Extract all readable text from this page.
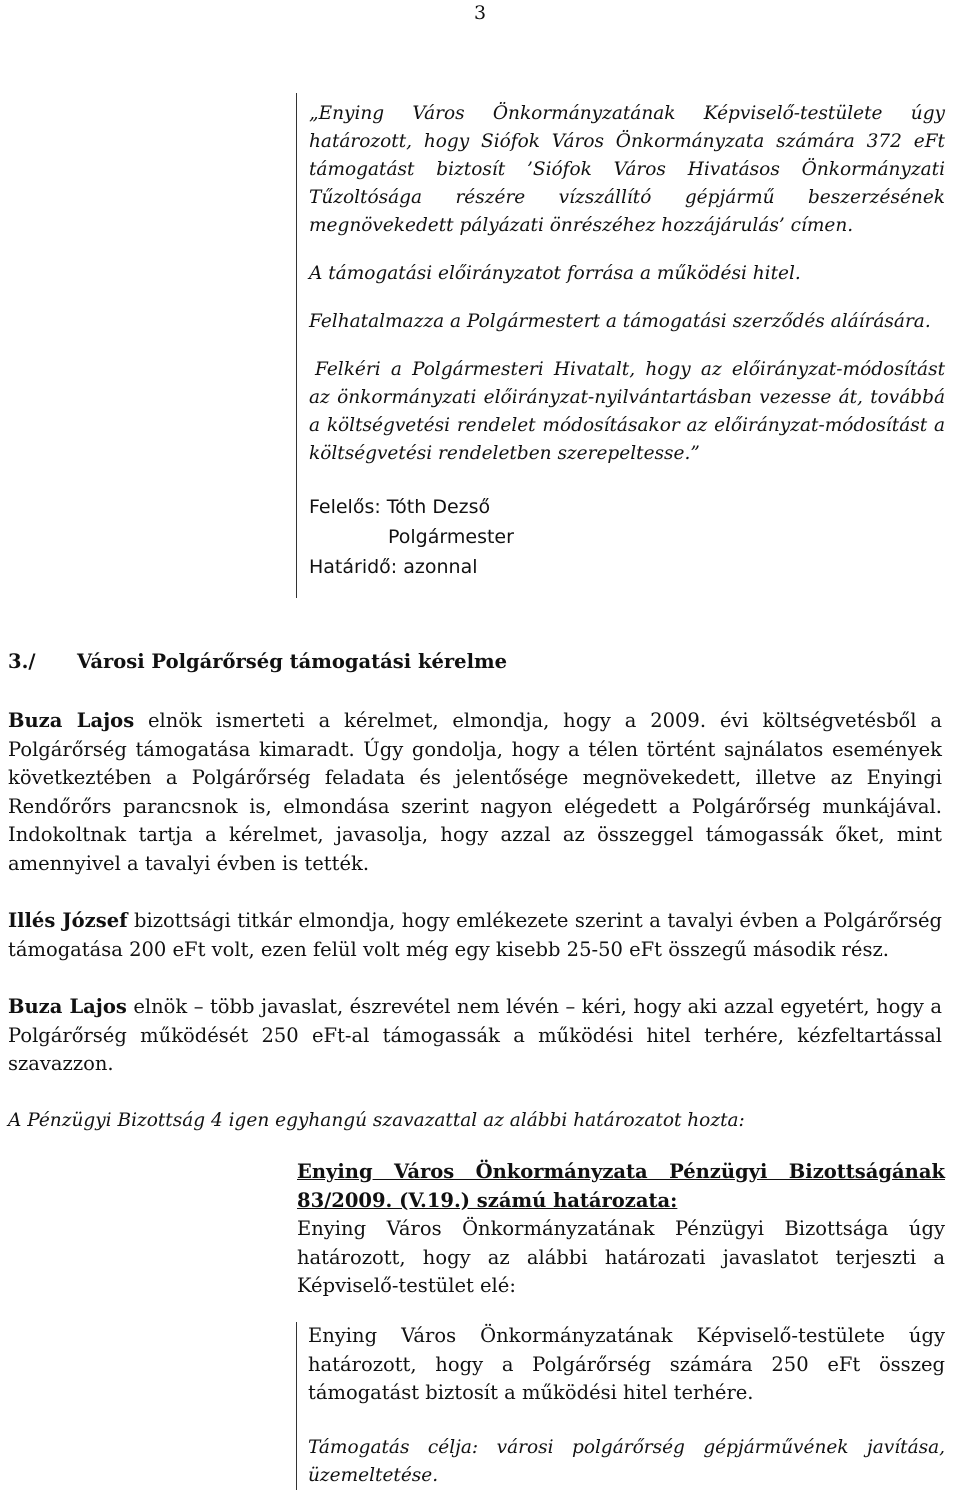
3

„Enying Város Önkormányzatának Képviselő-testülete úgy határozott, hogy Siófok Város Önkormányzata számára 372 eFt támogatást biztosít ’Siófok Város Hivatásos Önkormányzati Tűzoltósága részére vízszállító gépjármű beszerzésének megnövekedett pályázati önrészéhez hozzájárulás’ címen.

A támogatási előirányzatot forrása a működési hitel.

Felhatalmazza a Polgármestert a támogatási szerződés aláírására.

Felkéri a Polgármesteri Hivatalt, hogy az előirányzat-módosítást az önkormányzati előirányzat-nyilvántartásban vezesse át, továbbá a költségvetési rendelet módosításakor az előirányzat-módosítást a költségvetési rendeletben szerepeltesse.”

Felelős: Tóth Dezső
Polgármester
Határidő: azonnal
3./ Városi Polgárőrség támogatási kérelme

Buza Lajos elnök ismerteti a kérelmet, elmondja, hogy a 2009. évi költségvetésből a Polgárőrség támogatása kimaradt. Úgy gondolja, hogy a télen történt sajnálatos események következtében a Polgárőrség feladata és jelentősége megnövekedett, illetve az Enyingi Rendőrőrs parancsnok is, elmondása szerint nagyon elégedett a Polgárőrség munkájával. Indokoltnak tartja a kérelmet, javasolja, hogy azzal az összeggel támogassák őket, mint amennyivel a tavalyi évben is tették.

Illés József bizottsági titkár elmondja, hogy emlékezete szerint a tavalyi évben a Polgárőrség támogatása 200 eFt volt, ezen felül volt még egy kisebb 25-50 eFt összegű második rész.

Buza Lajos elnök – több javaslat, észrevétel nem lévén – kéri, hogy aki azzal egyetért, hogy a Polgárőrség működését 250 eFt-al támogassák a működési hitel terhére, kézfeltartással szavazzon.

A Pénzügyi Bizottság 4 igen egyhangú szavazattal az alábbi határozatot hozta:

Enying Város Önkormányzata Pénzügyi Bizottságának

83/2009. (V.19.) számú határozata:

Enying Város Önkormányzatának Pénzügyi Bizottsága úgy határozott, hogy az alábbi határozati javaslatot terjeszti a Képviselő-testület elé:

Enying Város Önkormányzatának Képviselő-testülete úgy határozott, hogy a Polgárőrség számára 250 eFt összeg támogatást biztosít a működési hitel terhére.

Támogatás célja: városi polgárőrség gépjárművének javítása, üzemeltetése.
